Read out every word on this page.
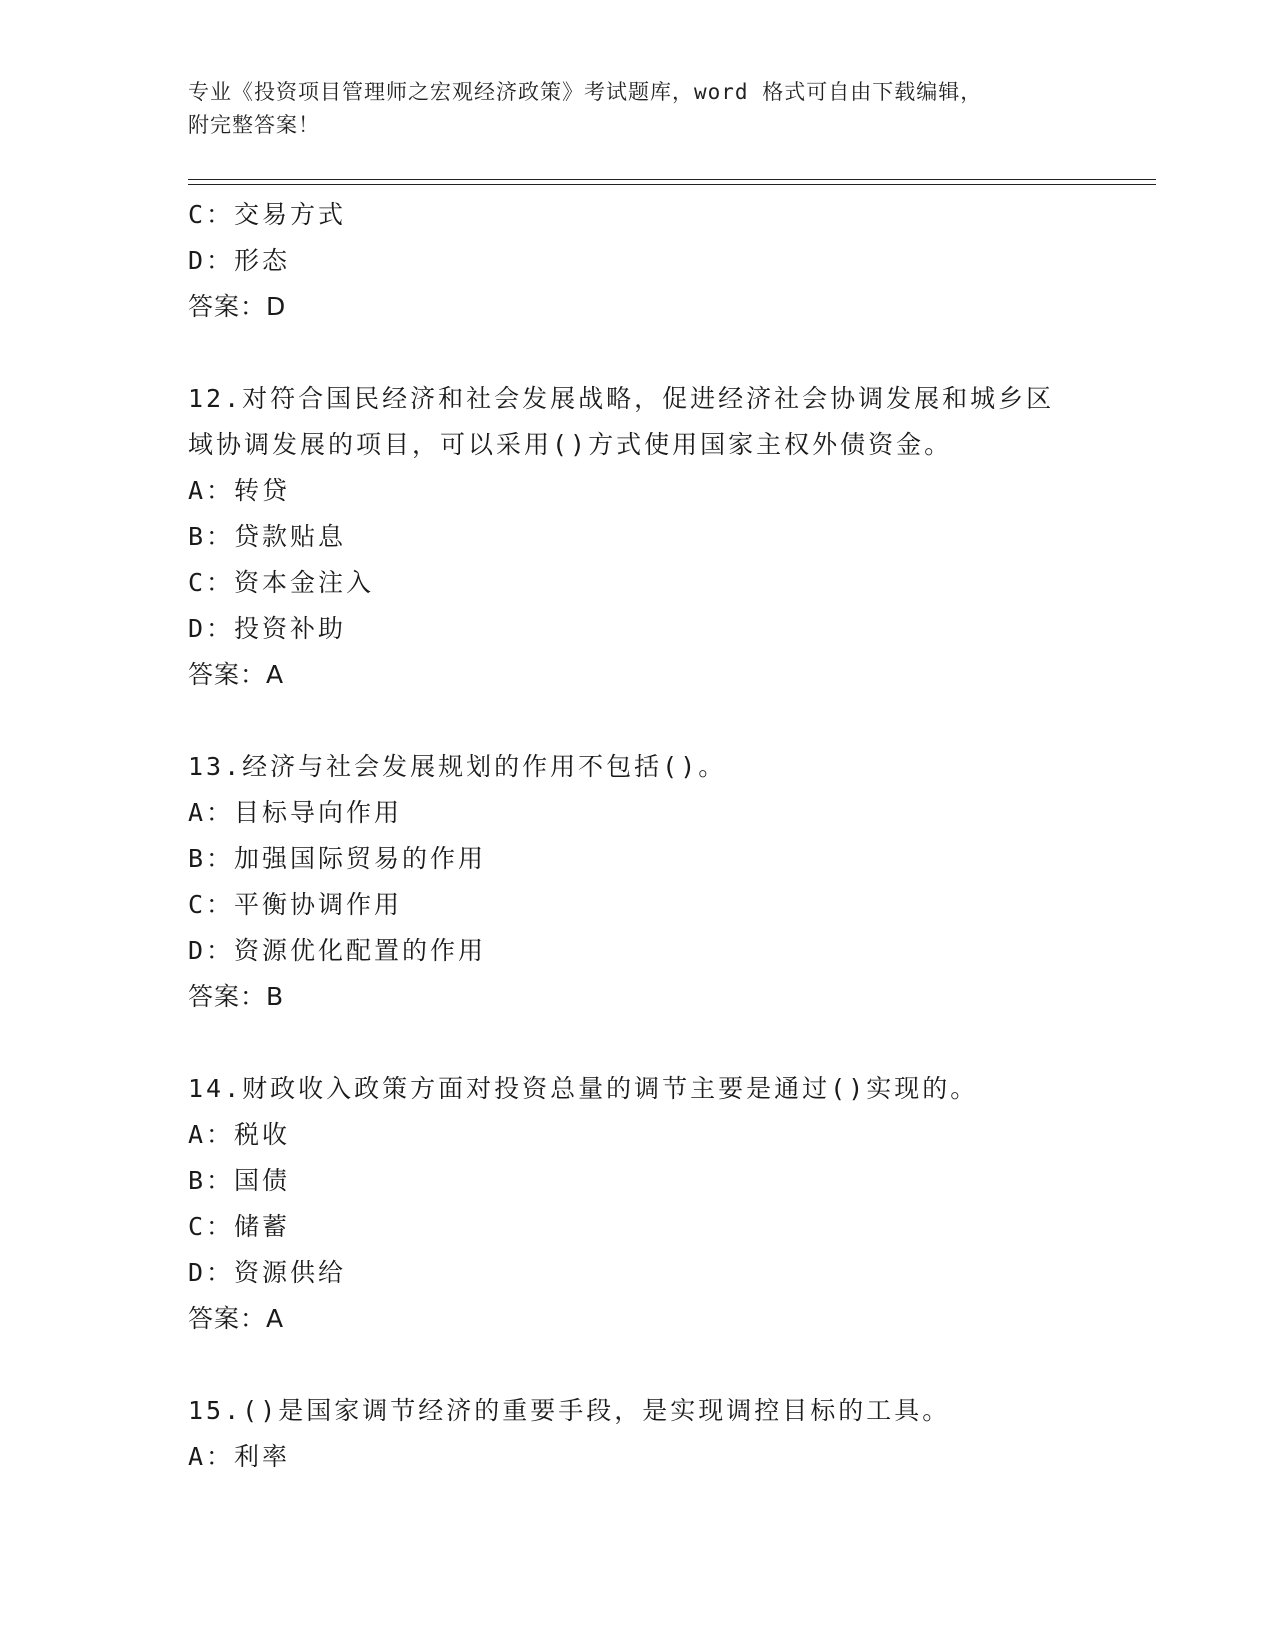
专业《投资项目管理师之宏观经济政策》考试题库，word 格式可自由下载编辑，
附完整答案！
C：交易方式
D：形态
答案：D
12.对符合国民经济和社会发展战略，促进经济社会协调发展和城乡区
域协调发展的项目，可以采用()方式使用国家主权外债资金。
A：转贷
B：贷款贴息
C：资本金注入
D：投资补助
答案：A
13.经济与社会发展规划的作用不包括()。
A：目标导向作用
B：加强国际贸易的作用
C：平衡协调作用
D：资源优化配置的作用
答案：B
14.财政收入政策方面对投资总量的调节主要是通过()实现的。
A：税收
B：国债
C：储蓄
D：资源供给
答案：A
15.()是国家调节经济的重要手段，是实现调控目标的工具。
A：利率
